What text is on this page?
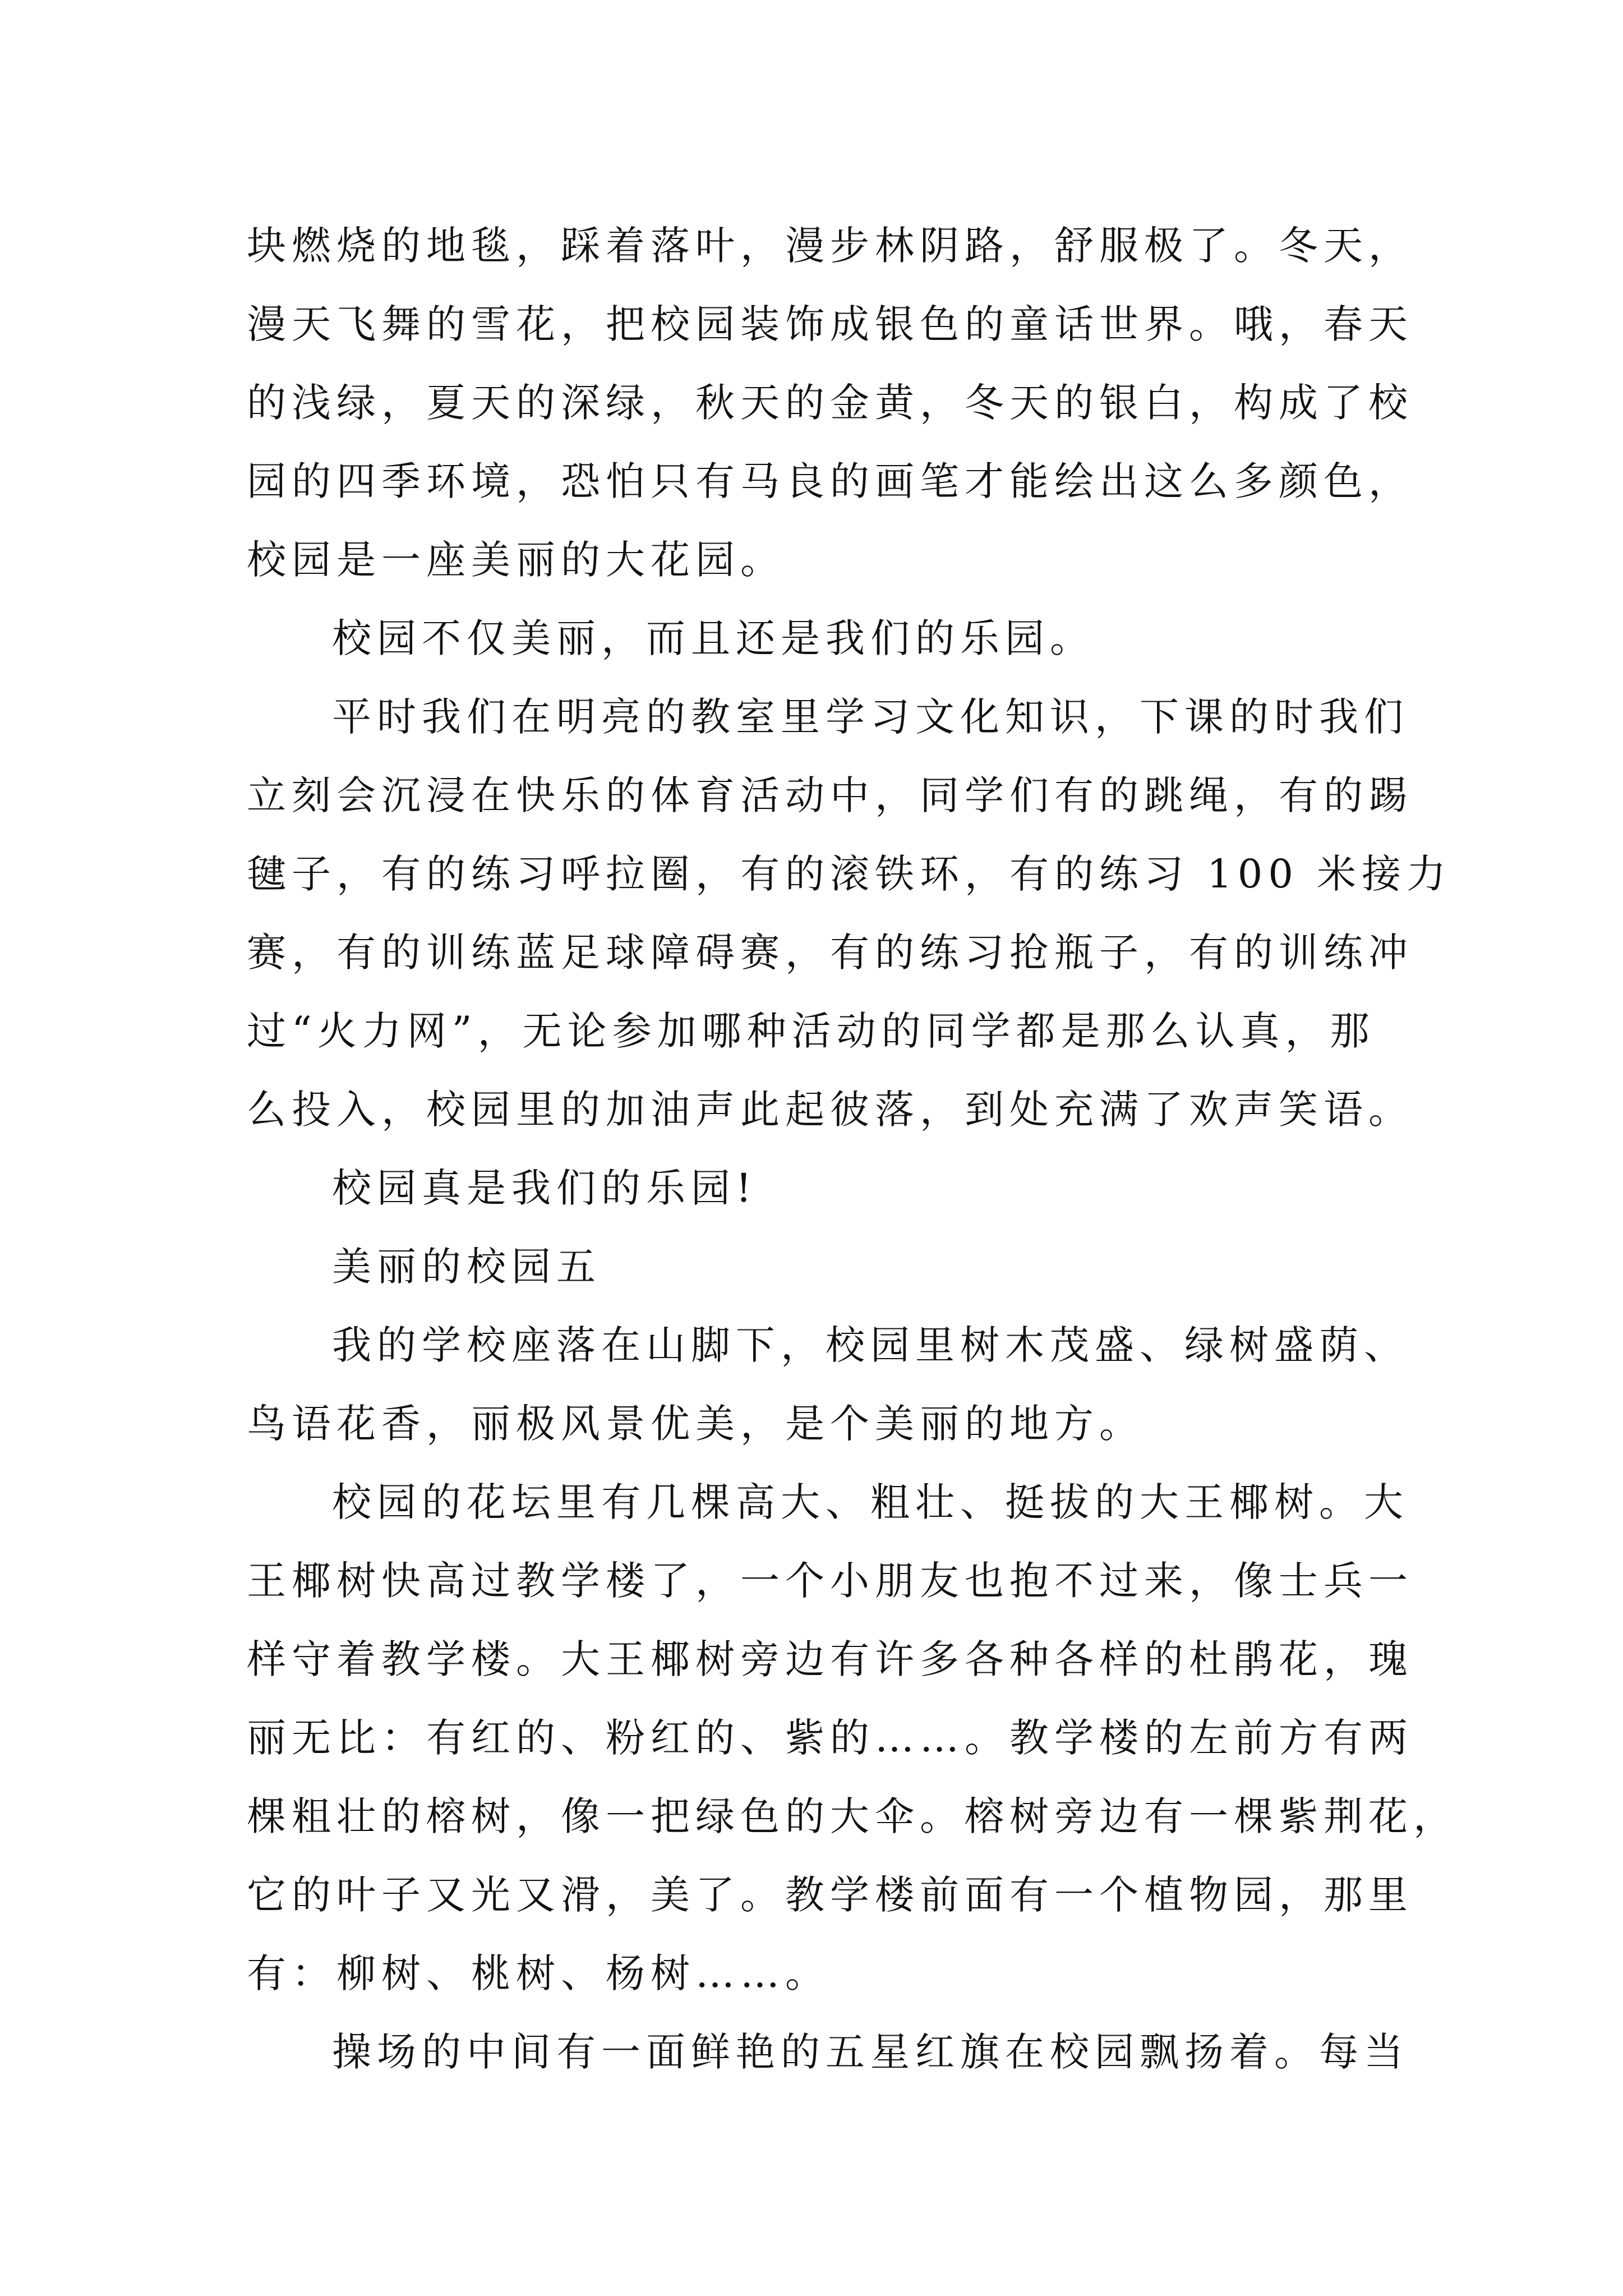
块燃烧的地毯，踩着落叶，漫步林阴路，舒服极了。冬天，
漫天飞舞的雪花，把校园装饰成银色的童话世界。哦，春天
的浅绿，夏天的深绿，秋天的金黄，冬天的银白，构成了校
园的四季环境，恐怕只有马良的画笔才能绘出这么多颜色，
校园是一座美丽的大花园。
校园不仅美丽，而且还是我们的乐园。
平时我们在明亮的教室里学习文化知识，下课的时我们
立刻会沉浸在快乐的体育活动中，同学们有的跳绳，有的踢
毽子，有的练习呼拉圈，有的滚铁环，有的练习 100 米接力
赛，有的训练蓝足球障碍赛，有的练习抢瓶子，有的训练冲
过“火力网”，无论参加哪种活动的同学都是那么认真，那
么投入，校园里的加油声此起彼落，到处充满了欢声笑语。
校园真是我们的乐园!
美丽的校园五
我的学校座落在山脚下，校园里树木茂盛、绿树盛荫、
鸟语花香，丽极风景优美，是个美丽的地方。
校园的花坛里有几棵高大、粗壮、挺拔的大王椰树。大
王椰树快高过教学楼了，一个小朋友也抱不过来，像士兵一
样守着教学楼。大王椰树旁边有许多各种各样的杜鹃花，瑰
丽无比：有红的、粉红的、紫的……。教学楼的左前方有两
棵粗壮的榕树，像一把绿色的大伞。榕树旁边有一棵紫荆花，
它的叶子又光又滑，美了。教学楼前面有一个植物园，那里
有：柳树、桃树、杨树……。
操场的中间有一面鲜艳的五星红旗在校园飘扬着。每当
